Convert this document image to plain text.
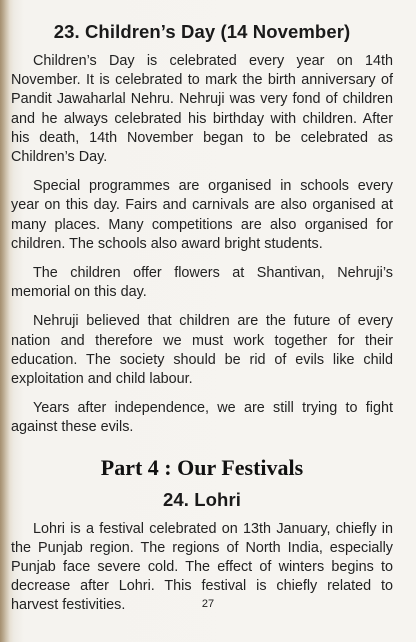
23. Children’s Day (14 November)

Children’s Day is celebrated every year on 14th November. It is celebrated to mark the birth anniversary of Pandit Jawaharlal Nehru. Nehruji was very fond of children and he always celebrated his birthday with children. After his death, 14th November began to be celebrated as Children’s Day.

Special programmes are organised in schools every year on this day. Fairs and carnivals are also organised at many places. Many competitions are also organised for children. The schools also award bright students.

The children offer flowers at Shantivan, Nehruji’s memorial on this day.

Nehruji believed that children are the future of every nation and therefore we must work together for their education. The society should be rid of evils like child exploitation and child labour.

Years after independence, we are still trying to fight against these evils.

Part 4 : Our Festivals
24. Lohri

Lohri is a festival celebrated on 13th January, chiefly in the Punjab region. The regions of North India, especially Punjab face severe cold. The effect of winters begins to decrease after Lohri. This festival is chiefly related to harvest festivities.	27
